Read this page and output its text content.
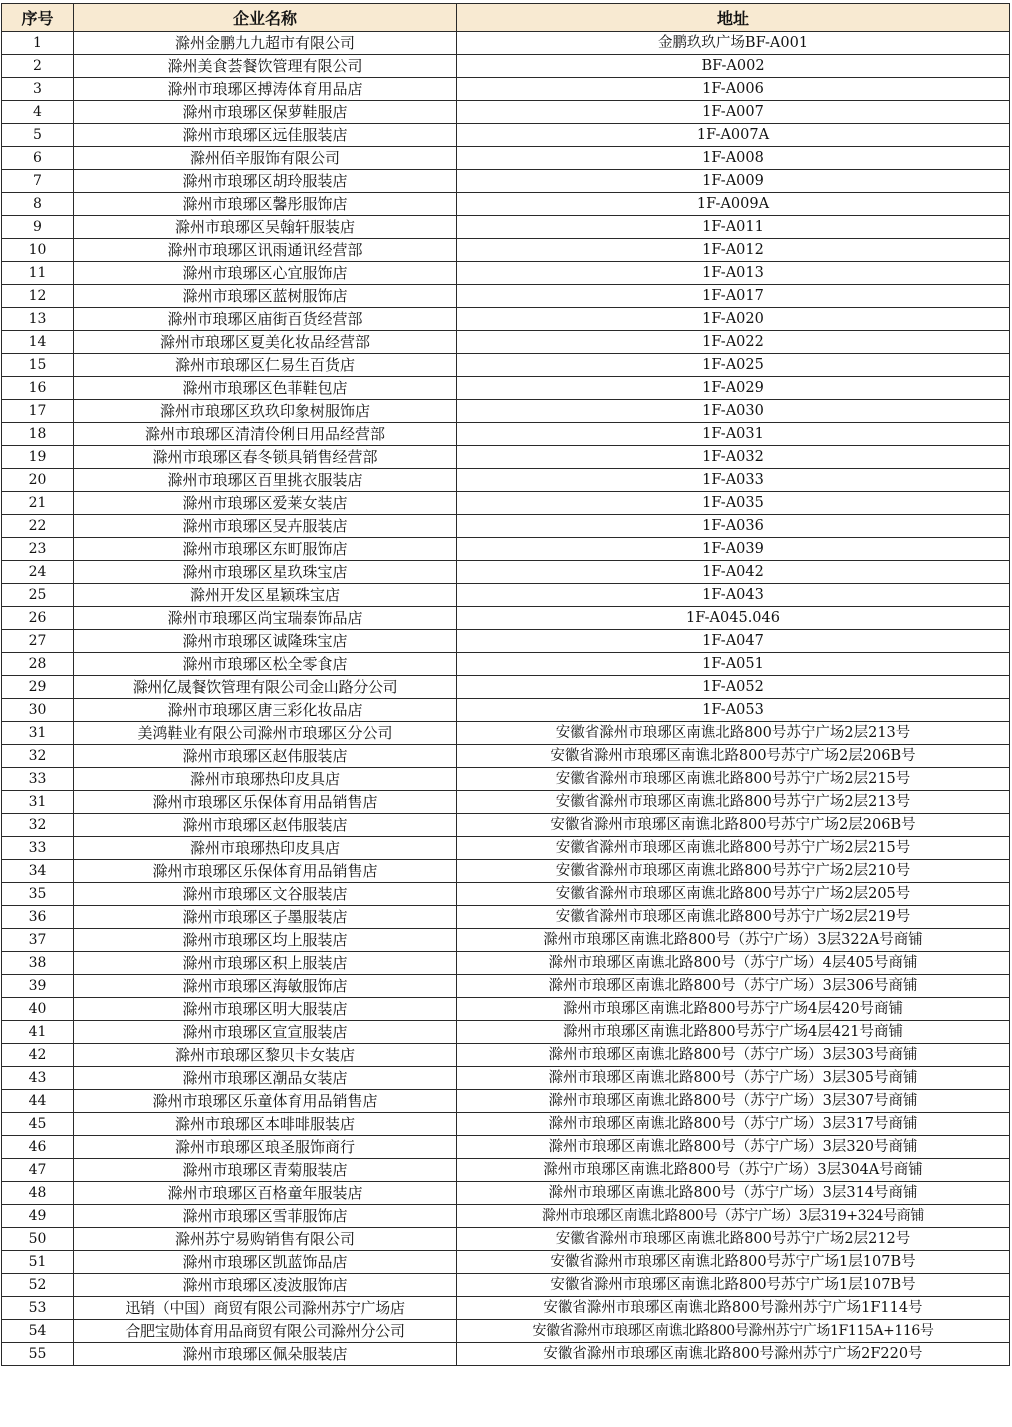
序号	企业名称	地址
1	滁州金鹏九九超市有限公司	金鹏玖玖广场BF-A001
2	滁州美食荟餐饮管理有限公司	BF-A002
3	滁州市琅琊区搏涛体育用品店	1F-A006
4	滁州市琅琊区保萝鞋服店	1F-A007
5	滁州市琅琊区远佳服装店	1F-A007A
6	滁州佰辛服饰有限公司	1F-A008
7	滁州市琅琊区胡玲服装店	1F-A009
8	滁州市琅琊区馨彤服饰店	1F-A009A
9	滁州市琅琊区吴翰轩服装店	1F-A011
10	滁州市琅琊区讯雨通讯经营部	1F-A012
11	滁州市琅琊区心宜服饰店	1F-A013
12	滁州市琅琊区蓝树服饰店	1F-A017
13	滁州市琅琊区庙街百货经营部	1F-A020
14	滁州市琅琊区夏美化妆品经营部	1F-A022
15	滁州市琅琊区仁易生百货店	1F-A025
16	滁州市琅琊区色菲鞋包店	1F-A029
17	滁州市琅琊区玖玖印象树服饰店	1F-A030
18	滁州市琅琊区清清伶俐日用品经营部	1F-A031
19	滁州市琅琊区春冬锁具销售经营部	1F-A032
20	滁州市琅琊区百里挑衣服装店	1F-A033
21	滁州市琅琊区爱莱女装店	1F-A035
22	滁州市琅琊区旻卉服装店	1F-A036
23	滁州市琅琊区东町服饰店	1F-A039
24	滁州市琅琊区星玖珠宝店	1F-A042
25	滁州开发区星颖珠宝店	1F-A043
26	滁州市琅琊区尚宝瑞泰饰品店	1F-A045.046
27	滁州市琅琊区诚隆珠宝店	1F-A047
28	滁州市琅琊区松全零食店	1F-A051
29	滁州亿晟餐饮管理有限公司金山路分公司	1F-A052
30	滁州市琅琊区唐三彩化妆品店	1F-A053
31	美鸿鞋业有限公司滁州市琅琊区分公司	安徽省滁州市琅琊区南谯北路800号苏宁广场2层213号
32	滁州市琅琊区赵伟服装店	安徽省滁州市琅琊区南谯北路800号苏宁广场2层206B号
33	滁州市琅琊热印皮具店	安徽省滁州市琅琊区南谯北路800号苏宁广场2层215号
31	滁州市琅琊区乐保体育用品销售店	安徽省滁州市琅琊区南谯北路800号苏宁广场2层213号
32	滁州市琅琊区赵伟服装店	安徽省滁州市琅琊区南谯北路800号苏宁广场2层206B号
33	滁州市琅琊热印皮具店	安徽省滁州市琅琊区南谯北路800号苏宁广场2层215号
34	滁州市琅琊区乐保体育用品销售店	安徽省滁州市琅琊区南谯北路800号苏宁广场2层210号
35	滁州市琅琊区文谷服装店	安徽省滁州市琅琊区南谯北路800号苏宁广场2层205号
36	滁州市琅琊区子墨服装店	安徽省滁州市琅琊区南谯北路800号苏宁广场2层219号
37	滁州市琅琊区均上服装店	滁州市琅琊区南谯北路800号（苏宁广场）3层322A号商铺
38	滁州市琅琊区积上服装店	滁州市琅琊区南谯北路800号（苏宁广场）4层405号商铺
39	滁州市琅琊区海敏服饰店	滁州市琅琊区南谯北路800号（苏宁广场）3层306号商铺
40	滁州市琅琊区明大服装店	滁州市琅琊区南谯北路800号苏宁广场4层420号商铺
41	滁州市琅琊区宣宣服装店	滁州市琅琊区南谯北路800号苏宁广场4层421号商铺
42	滁州市琅琊区黎贝卡女装店	滁州市琅琊区南谯北路800号（苏宁广场）3层303号商铺
43	滁州市琅琊区潮品女装店	滁州市琅琊区南谯北路800号（苏宁广场）3层305号商铺
44	滁州市琅琊区乐童体育用品销售店	滁州市琅琊区南谯北路800号（苏宁广场）3层307号商铺
45	滁州市琅琊区本啡啡服装店	滁州市琅琊区南谯北路800号（苏宁广场）3层317号商铺
46	滁州市琅琊区琅圣服饰商行	滁州市琅琊区南谯北路800号（苏宁广场）3层320号商铺
47	滁州市琅琊区青菊服装店	滁州市琅琊区南谯北路800号（苏宁广场）3层304A号商铺
48	滁州市琅琊区百格童年服装店	滁州市琅琊区南谯北路800号（苏宁广场）3层314号商铺
49	滁州市琅琊区雪菲服饰店	滁州市琅琊区南谯北路800号（苏宁广场）3层319+324号商铺
50	滁州苏宁易购销售有限公司	安徽省滁州市琅琊区南谯北路800号苏宁广场2层212号
51	滁州市琅琊区凯蓝饰品店	安徽省滁州市琅琊区南谯北路800号苏宁广场1层107B号
52	滁州市琅琊区凌波服饰店	安徽省滁州市琅琊区南谯北路800号苏宁广场1层107B号
53	迅销（中国）商贸有限公司滁州苏宁广场店	安徽省滁州市琅琊区南谯北路800号滁州苏宁广场1F114号
54	合肥宝勋体育用品商贸有限公司滁州分公司	安徽省滁州市琅琊区南谯北路800号滁州苏宁广场1F115A+116号
55	滁州市琅琊区佩朵服装店	安徽省滁州市琅琊区南谯北路800号滁州苏宁广场2F220号
